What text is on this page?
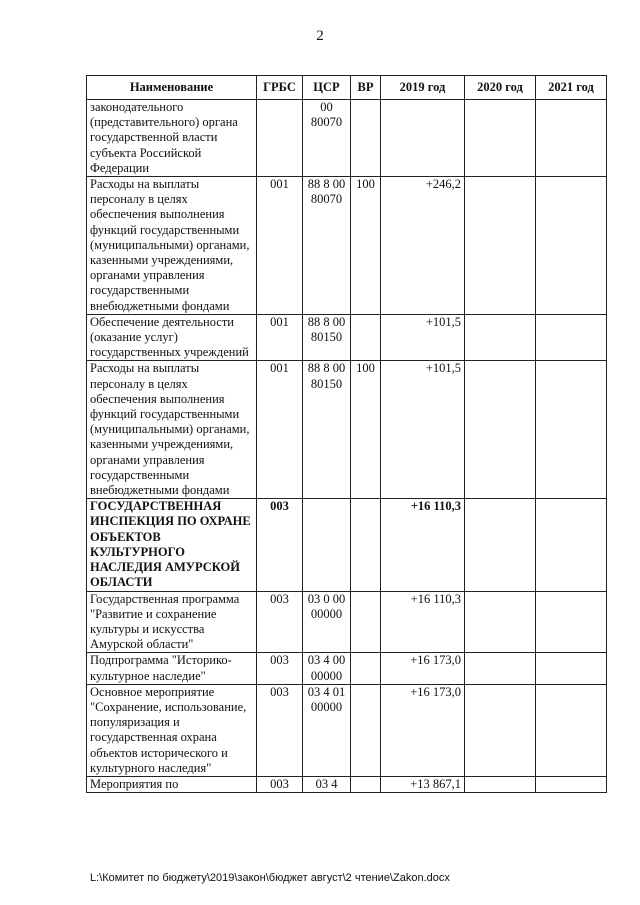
2
Наименование	ГРБС	ЦСР	ВР	2019 год	2020 год	2021 год
законодательного (представительного) органа государственной власти субъекта Российской Федерации		00 80070				
Расходы на выплаты персоналу в целях обеспечения выполнения функций государственными (муниципальными) органами, казенными учреждениями, органами управления государственными внебюджетными фондами	001	88 8 00 80070	100	+246,2		
Обеспечение деятельности (оказание услуг) государственных учреждений	001	88 8 00 80150		+101,5		
Расходы на выплаты персоналу в целях обеспечения выполнения функций государственными (муниципальными) органами, казенными учреждениями, органами управления государственными внебюджетными фондами	001	88 8 00 80150	100	+101,5		
ГОСУДАРСТВЕННАЯ ИНСПЕКЦИЯ ПО ОХРАНЕ ОБЪЕКТОВ КУЛЬТУРНОГО НАСЛЕДИЯ АМУРСКОЙ ОБЛАСТИ	003			+16 110,3		
Государственная программа "Развитие и сохранение культуры и искусства Амурской области"	003	03 0 00 00000		+16 110,3		
Подпрограмма "Историко-культурное наследие"	003	03 4 00 00000		+16 173,0		
Основное мероприятие "Сохранение, использование, популяризация и государственная охрана объектов исторического и культурного наследия"	003	03 4 01 00000		+16 173,0		
Мероприятия по	003	03 4		+13 867,1		
L:\Комитет по бюджету\2019\закон\бюджет август\2 чтение\Zakon.docx
